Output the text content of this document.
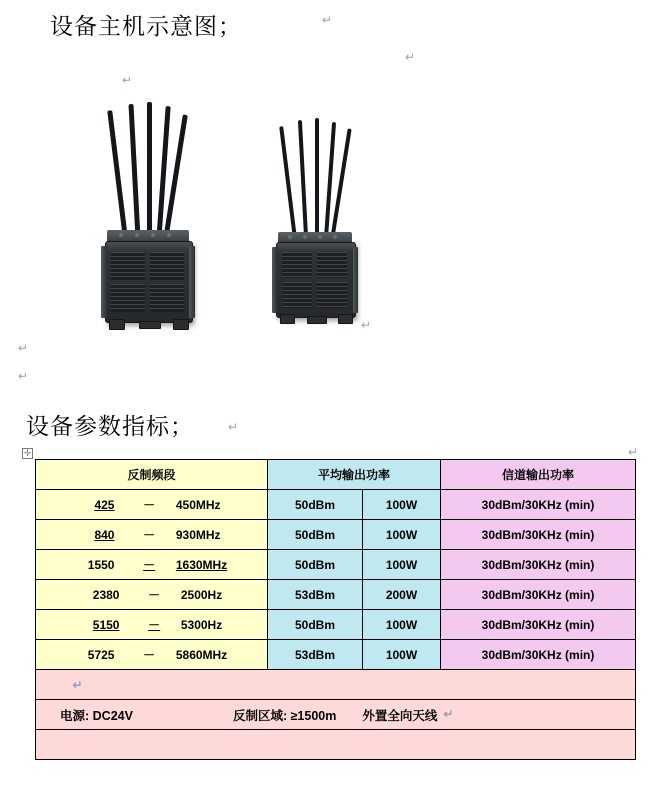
设备主机示意图；	↵
↵
↵
↵
↵
↵
↵
↵
设备参数指标；
✛
反制频段	平均输出功率		信道输出功率
425 － 450MHz	50dBm	100W	30dBm/30KHz (min)
840 － 930MHz	50dBm	100W	30dBm/30KHz (min)
1550 － 1630MHz	50dBm	100W	30dBm/30KHz (min)
2380 － 2500Hz	53dBm	200W	30dBm/30KHz (min)
5150 － 5300Hz	50dBm	100W	30dBm/30KHz (min)
5725 － 5860MHz	53dBm	100W	30dBm/30KHz (min)
↵			

电源: DC24V 反制区域: ≥1500m 外置全向天线 ↵			
